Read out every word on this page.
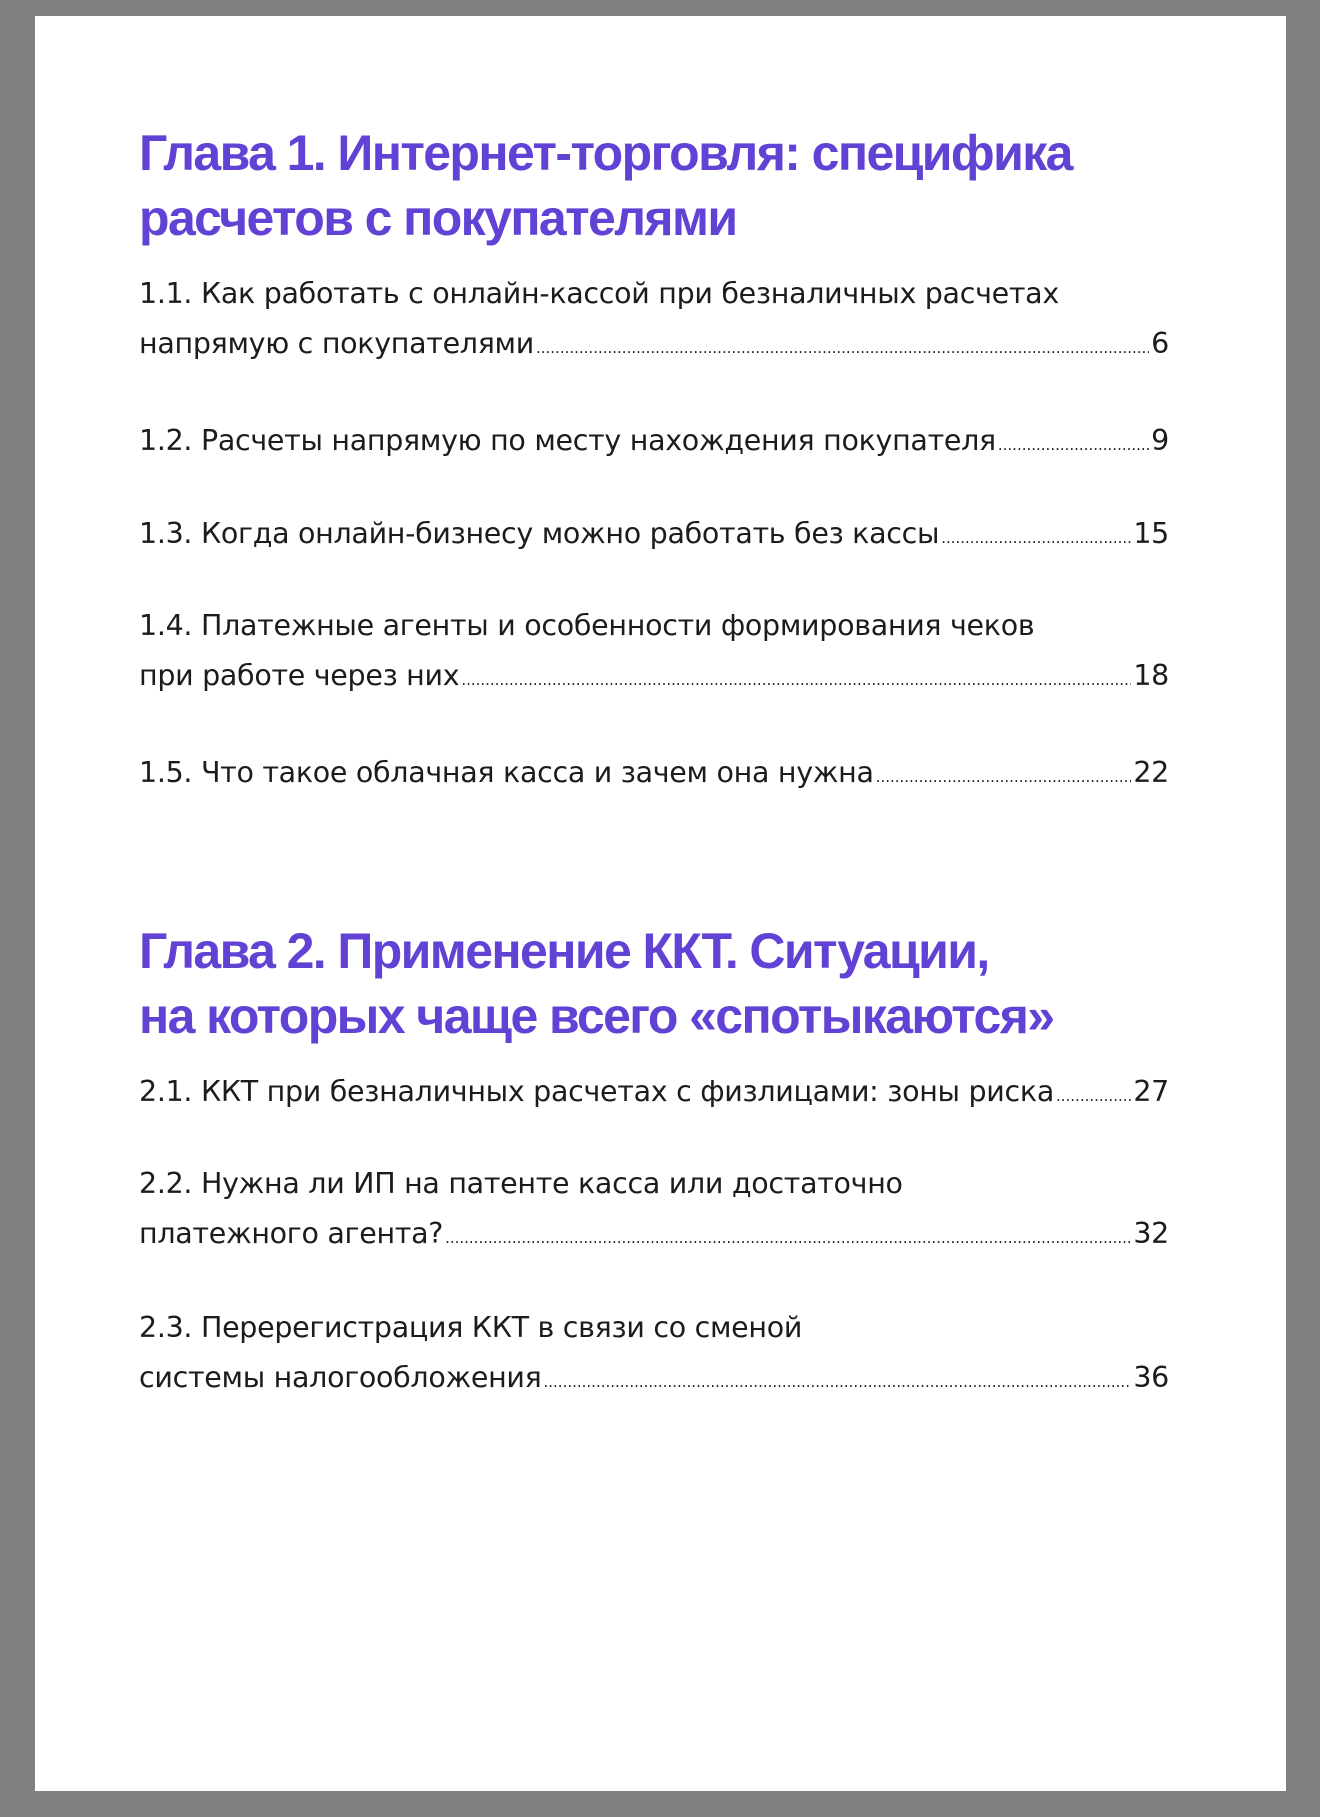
Глава 1. Интернет-торговля: специфика
расчетов с покупателями
1.1. Как работать с онлайн-кассой при безналичных расчетах
напрямую с покупателями .....	6
1.2. Расчеты напрямую по месту нахождения покупателя .....	9
1.3. Когда онлайн-бизнесу можно работать без кассы .....	15
1.4. Платежные агенты и особенности формирования чеков
при работе через них .....	18
1.5. Что такое облачная касса и зачем она нужна .....	22
Глава 2. Применение ККТ. Ситуации,
на которых чаще всего «спотыкаются»
2.1. ККТ при безналичных расчетах с физлицами: зоны риска .....	27
2.2. Нужна ли ИП на патенте касса или достаточно
платежного агента? .....	32
2.3. Перерегистрация ККТ в связи со сменой
системы налогообложения .....	36
